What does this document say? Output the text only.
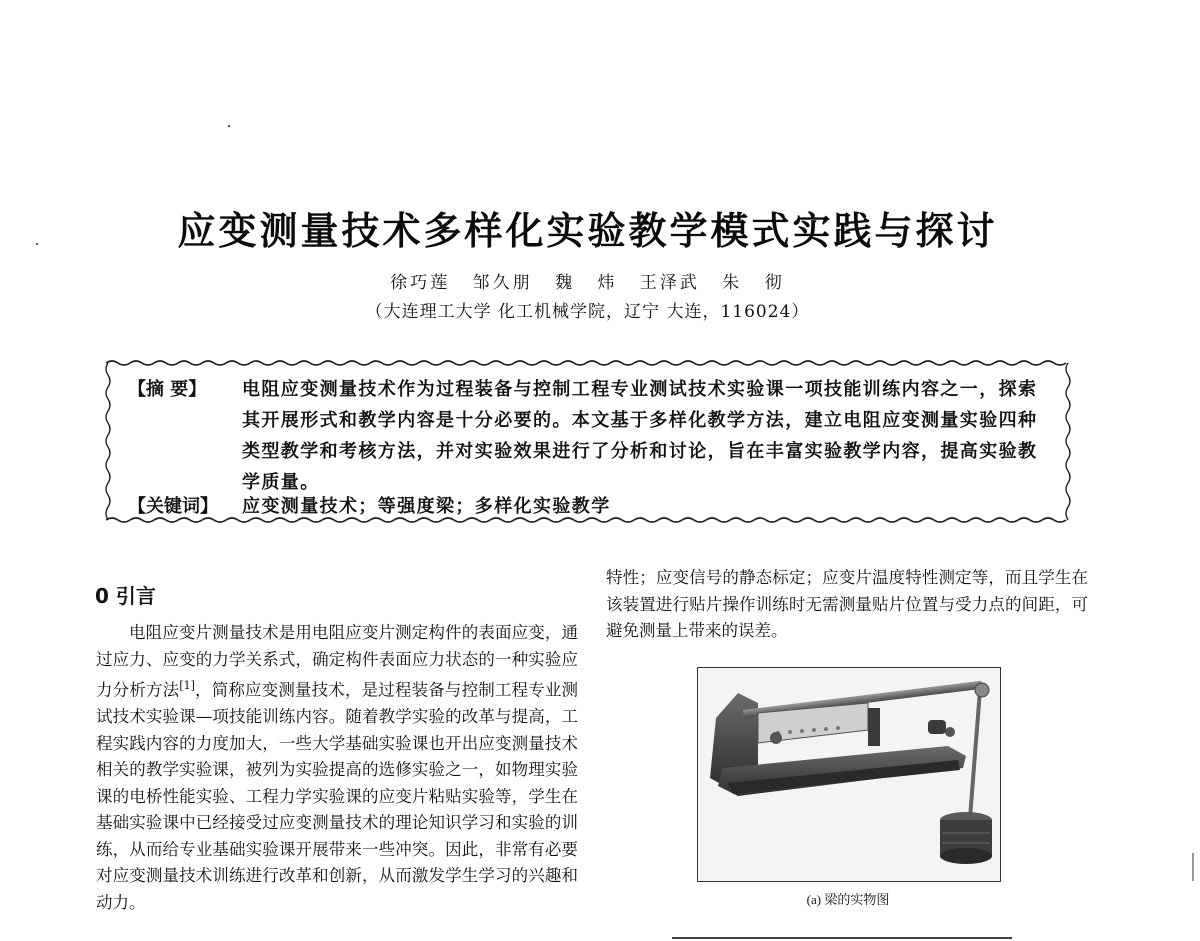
应变测量技术多样化实验教学模式实践与探讨
徐巧莲 邹久朋 魏 炜 王泽武 朱 彻
（大连理工大学 化工机械学院，辽宁 大连，116024）
【摘 要】	电阻应变测量技术作为过程装备与控制工程专业测试技术实验课一项技能训练内容之一，探索其开展形式和教学内容是十分必要的。本文基于多样化教学方法，建立电阻应变测量实验四种类型教学和考核方法，并对实验效果进行了分析和讨论，旨在丰富实验教学内容，提高实验教学质量。
【关键词】	应变测量技术；等强度梁；多样化实验教学
0 引言
电阻应变片测量技术是用电阻应变片测定构件的表面应变，通过应力、应变的力学关系式，确定构件表面应力状态的一种实验应力分析方法[1]，简称应变测量技术，是过程装备与控制工程专业测试技术实验课—项技能训练内容。随着教学实验的改革与提高，工程实践内容的力度加大，一些大学基础实验课也开出应变测量技术相关的教学实验课，被列为实验提高的选修实验之一，如物理实验课的电桥性能实验、工程力学实验课的应变片粘贴实验等，学生在基础实验课中已经接受过应变测量技术的理论知识学习和实验的训练，从而给专业基础实验课开展带来一些冲突。因此，非常有必要对应变测量技术训练进行改革和创新，从而激发学生学习的兴趣和动力。
特性；应变信号的静态标定；应变片温度特性测定等，而且学生在该装置进行贴片操作训练时无需测量贴片位置与受力点的间距，可避免测量上带来的误差。
(a) 梁的实物图
